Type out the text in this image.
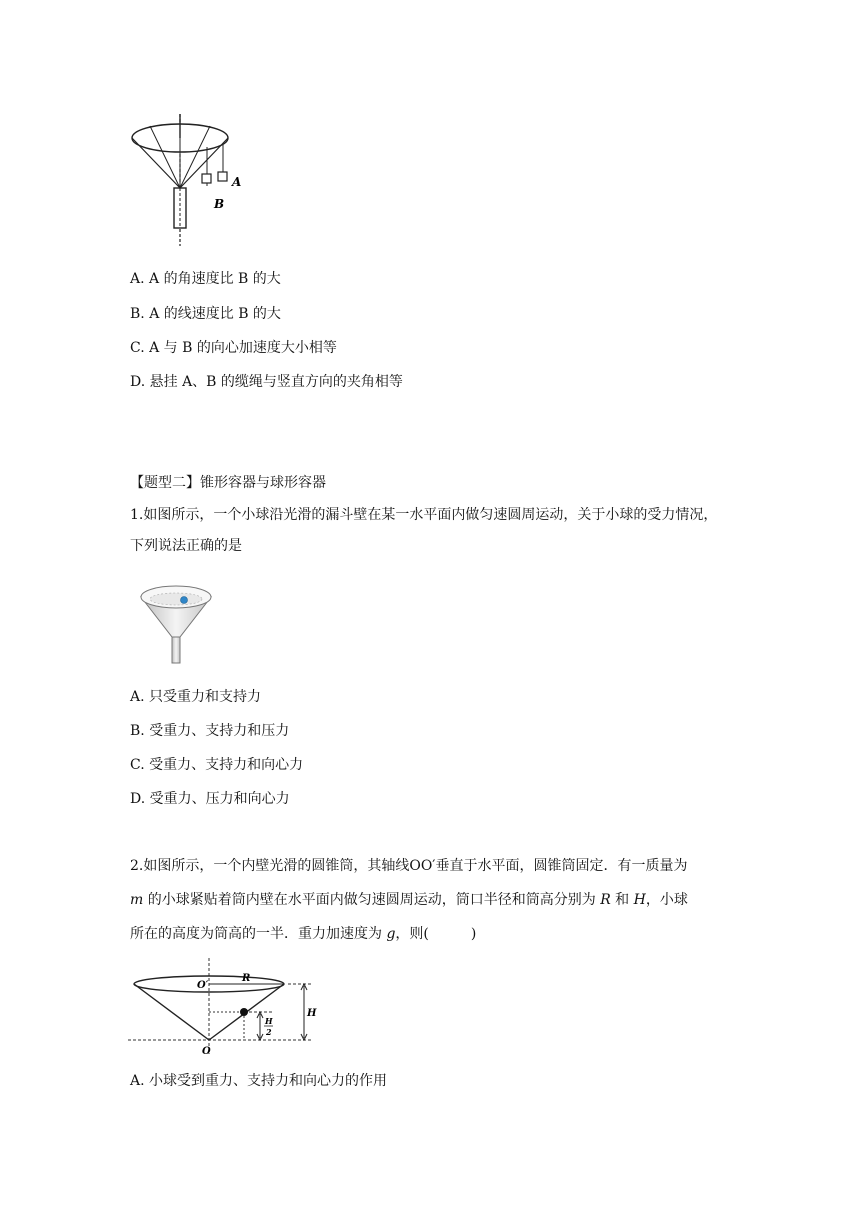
A
B
A. A 的角速度比 B 的大
B. A 的线速度比 B 的大
C. A 与 B 的向心加速度大小相等
D. 悬挂 A、B 的缆绳与竖直方向的夹角相等
【题型二】锥形容器与球形容器
1.如图所示，一个小球沿光滑的漏斗壁在某一水平面内做匀速圆周运动，关于小球的受力情况，下列说法正确的是
A. 只受重力和支持力
B. 受重力、支持力和压力
C. 受重力、支持力和向心力
D. 受重力、压力和向心力
2.如图所示，一个内壁光滑的圆锥筒，其轴线OO′垂直于水平面，圆锥筒固定．有一质量为
m 的小球紧贴着筒内壁在水平面内做匀速圆周运动，筒口半径和筒高分别为 R 和 H，小球
所在的高度为筒高的一半．重力加速度为 g，则(　　　)
O′
O
R
H
H
2
A. 小球受到重力、支持力和向心力的作用
